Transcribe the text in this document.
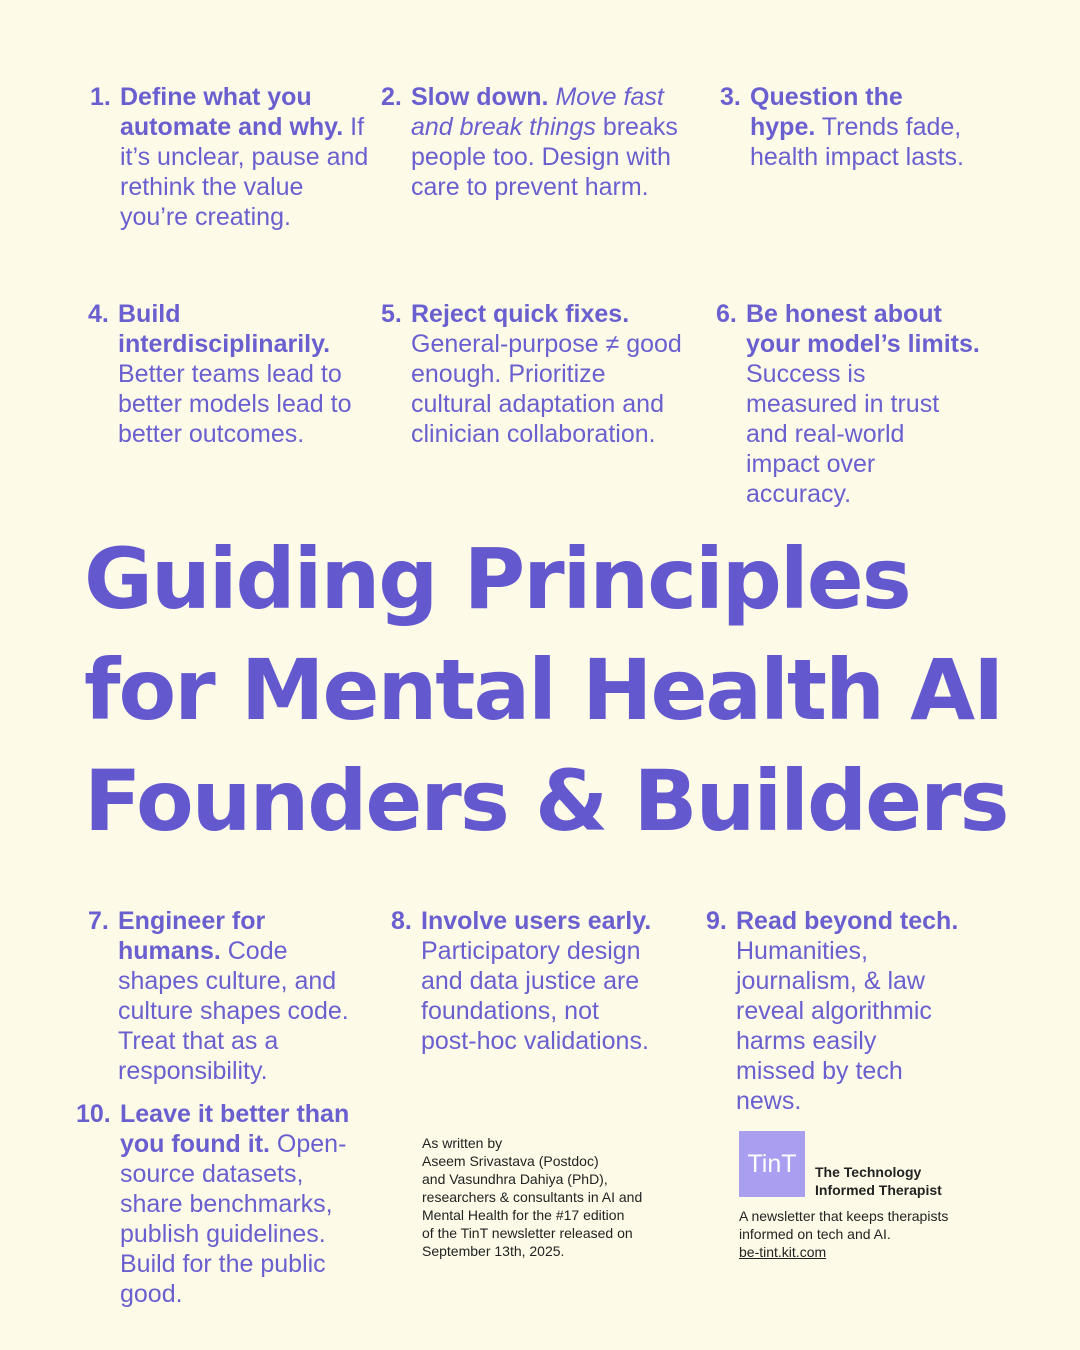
1. Define what you automate and why. If it’s unclear, pause and rethink the value you’re creating.
2. Slow down. Move fast and break things breaks people too. Design with care to prevent harm.
3. Question the hype. Trends fade, health impact lasts.
4. Build interdisciplinarily. Better teams lead to better models lead to better outcomes.
5. Reject quick fixes. General-purpose ≠ good enough. Prioritize cultural adaptation and clinician collaboration.
6. Be honest about your model’s limits. Success is measured in trust and real-world impact over accuracy.
Guiding Principles
for Mental Health AI
Founders & Builders
7. Engineer for humans. Code shapes culture, and culture shapes code. Treat that as a responsibility.
8. Involve users early. Participatory design and data justice are foundations, not post-hoc validations.
9. Read beyond tech. Humanities, journalism, & law reveal algorithmic harms easily missed by tech news.
10. Leave it better than you found it. Open-source datasets, share benchmarks, publish guidelines. Build for the public good.
As written by
Aseem Srivastava (Postdoc)
and Vasundhra Dahiya (PhD),
researchers & consultants in AI and
Mental Health for the #17 edition
of the TinT newsletter released on
September 13th, 2025.
TinT The Technology
Informed Therapist
A newsletter that keeps therapists
informed on tech and AI.
be-tint.kit.com
